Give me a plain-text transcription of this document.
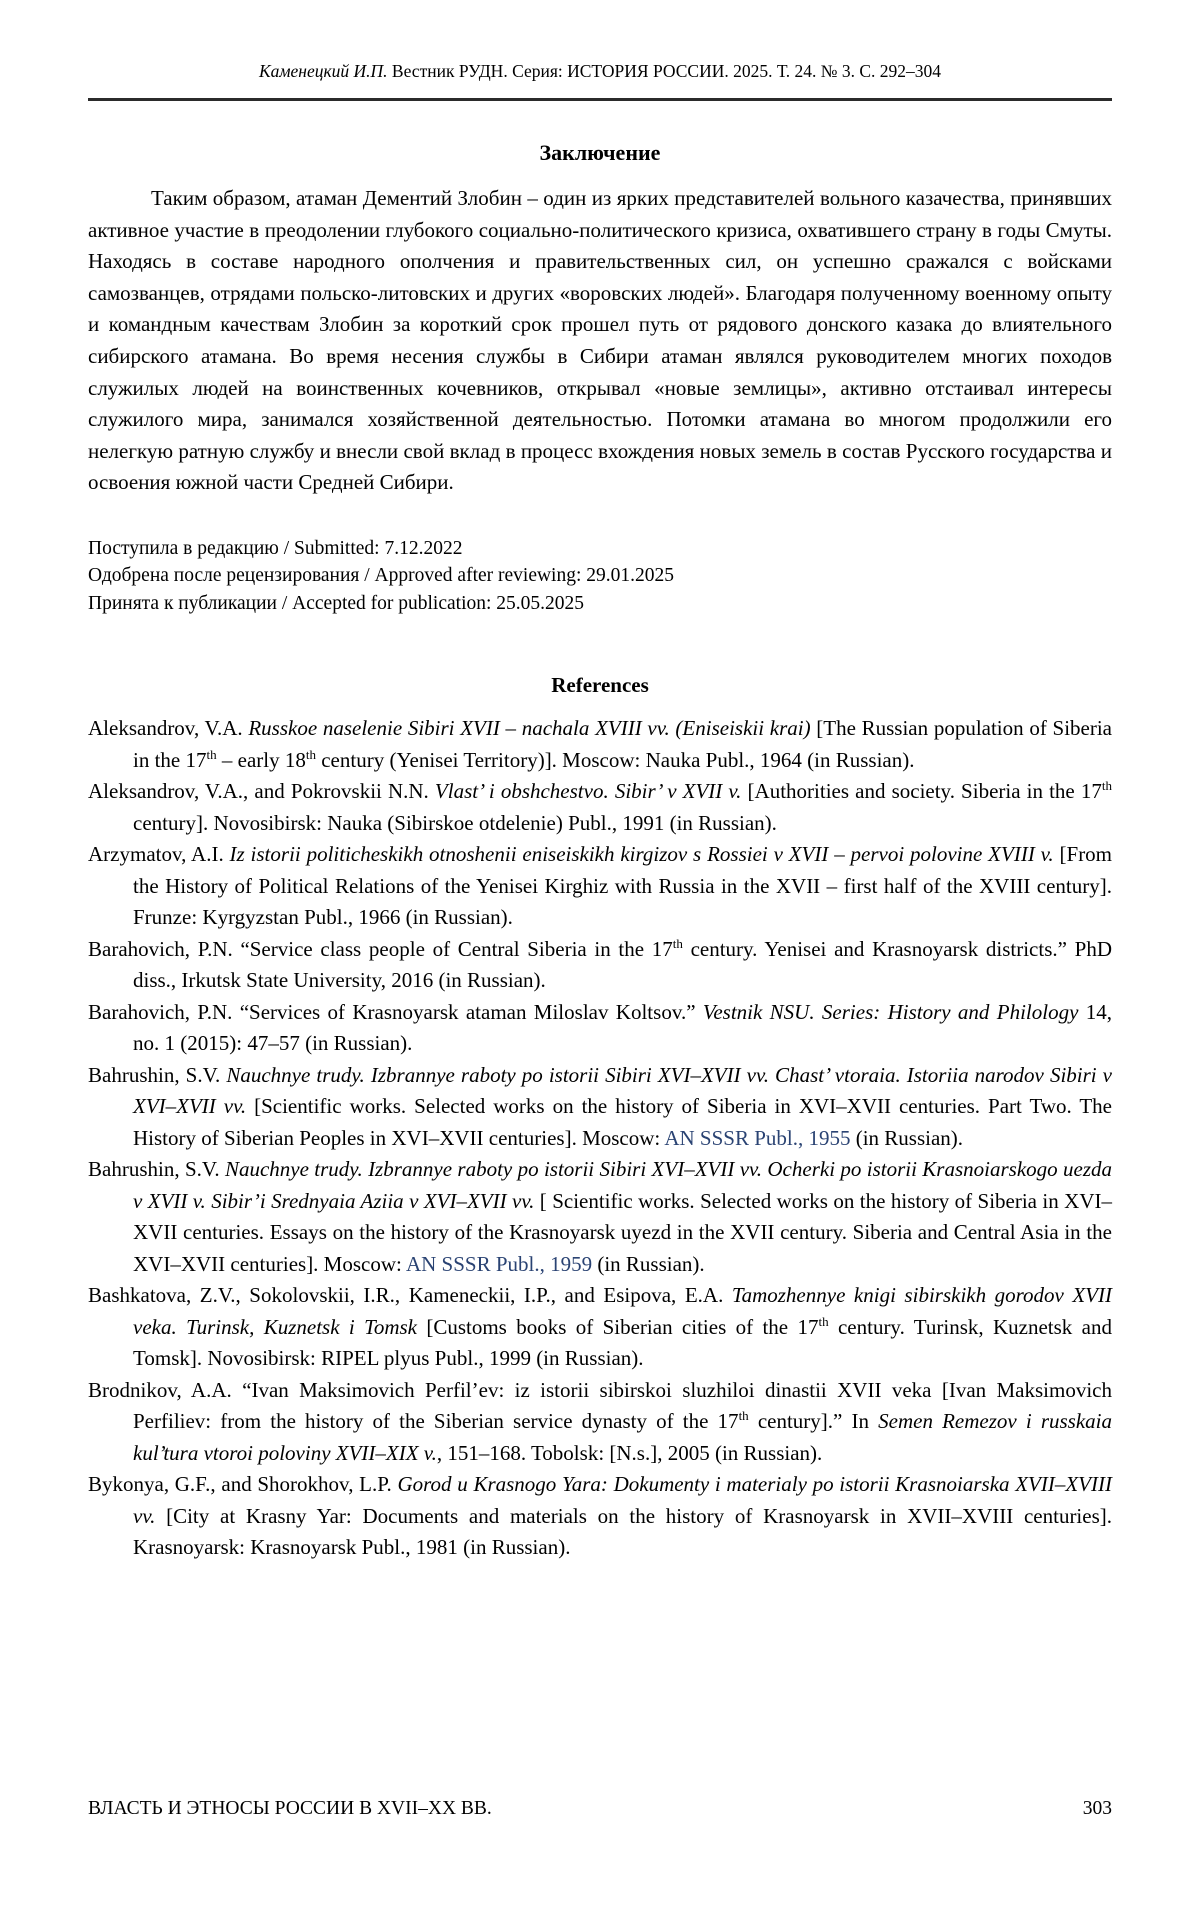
Каменецкий И.П. Вестник РУДН. Серия: ИСТОРИЯ РОССИИ. 2025. Т. 24. № 3. С. 292–304
Заключение

Таким образом, атаман Дементий Злобин – один из ярких представителей вольного казачества, принявших активное участие в преодолении глубокого социально-политического кризиса, охватившего страну в годы Смуты. Находясь в составе народного ополчения и правительственных сил, он успешно сражался с войсками самозванцев, отрядами польско-литовских и других «воровских людей». Благодаря полученному военному опыту и командным качествам Злобин за короткий срок прошел путь от рядового донского казака до влиятельного сибирского атамана. Во время несения службы в Сибири атаман являлся руководителем многих походов служилых людей на воинственных кочевников, открывал «новые землицы», активно отстаивал интересы служилого мира, занимался хозяйственной деятельностью. Потомки атамана во многом продолжили его нелегкую ратную службу и внесли свой вклад в процесс вхождения новых земель в состав Русского государства и освоения южной части Средней Сибири.

Поступила в редакцию / Submitted: 7.12.2022
Одобрена после рецензирования / Approved after reviewing: 29.01.2025
Принята к публикации / Accepted for publication: 25.05.2025
References
Aleksandrov, V.A. Russkoe naselenie Sibiri XVII – nachala XVIII vv. (Eniseiskii krai) [The Russian population of Siberia in the 17th – early 18th century (Yenisei Territory)]. Moscow: Nauka Publ., 1964 (in Russian).
Aleksandrov, V.A., and Pokrovskii N.N. Vlast’ i obshchestvo. Sibir’ v XVII v. [Authorities and society. Siberia in the 17th century]. Novosibirsk: Nauka (Sibirskoe otdelenie) Publ., 1991 (in Russian).
Arzymatov, A.I. Iz istorii politicheskikh otnoshenii eniseiskikh kirgizov s Rossiei v XVII – pervoi polovine XVIII v. [From the History of Political Relations of the Yenisei Kirghiz with Russia in the XVII – first half of the XVIII century]. Frunze: Kyrgyzstan Publ., 1966 (in Russian).
Barahovich, P.N. “Service class people of Central Siberia in the 17th century. Yenisei and Krasnoyarsk districts.” PhD diss., Irkutsk State University, 2016 (in Russian).
Barahovich, P.N. “Services of Krasnoyarsk ataman Miloslav Koltsov.” Vestnik NSU. Series: History and Philology 14, no. 1 (2015): 47–57 (in Russian).
Bahrushin, S.V. Nauchnye trudy. Izbrannye raboty po istorii Sibiri XVI–XVII vv. Chast’ vtoraia. Istoriia narodov Sibiri v XVI–XVII vv. [Scientific works. Selected works on the history of Siberia in XVI–XVII centuries. Part Two. The History of Siberian Peoples in XVI–XVII centuries]. Moscow: AN SSSR Publ., 1955 (in Russian).
Bahrushin, S.V. Nauchnye trudy. Izbrannye raboty po istorii Sibiri XVI–XVII vv. Ocherki po istorii Krasnoiarskogo uezda v XVII v. Sibir’i Srednyaia Aziia v XVI–XVII vv. [ Scientific works. Selected works on the history of Siberia in XVI–XVII centuries. Essays on the history of the Krasnoyarsk uyezd in the XVII century. Siberia and Central Asia in the XVI–XVII centuries]. Moscow: AN SSSR Publ., 1959 (in Russian).
Bashkatova, Z.V., Sokolovskii, I.R., Kameneckii, I.P., and Esipova, E.A. Tamozhennye knigi sibirskikh gorodov XVII veka. Turinsk, Kuznetsk i Tomsk [Customs books of Siberian cities of the 17th century. Turinsk, Kuznetsk and Tomsk]. Novosibirsk: RIPEL plyus Publ., 1999 (in Russian).
Brodnikov, A.A. “Ivan Maksimovich Perfil’ev: iz istorii sibirskoi sluzhiloi dinastii XVII veka [Ivan Maksimovich Perfiliev: from the history of the Siberian service dynasty of the 17th century].” In Semen Remezov i russkaia kul’tura vtoroi poloviny XVII–XIX v., 151–168. Tobolsk: [N.s.], 2005 (in Russian).
Bykonya, G.F., and Shorokhov, L.P. Gorod u Krasnogo Yara: Dokumenty i materialy po istorii Krasnoiarska XVII–XVIII vv. [City at Krasny Yar: Documents and materials on the history of Krasnoyarsk in XVII–XVIII centuries]. Krasnoyarsk: Krasnoyarsk Publ., 1981 (in Russian).
ВЛАСТЬ И ЭТНОСЫ РОССИИ В XVII–XX ВВ.	303
